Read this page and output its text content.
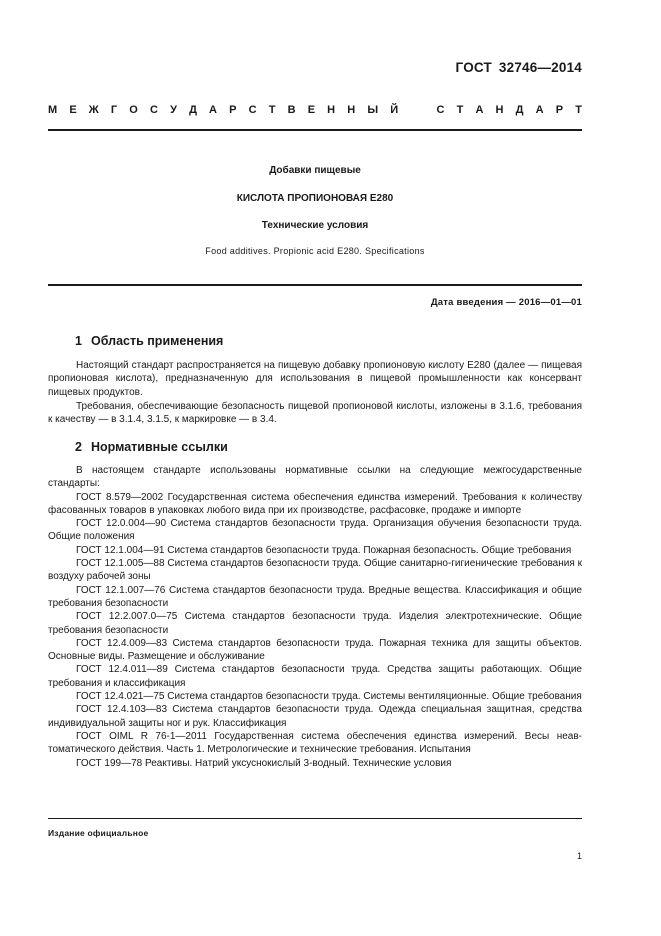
ГОСТ 32746—2014
М Е Ж Г О С У Д А Р С Т В Е Н Н Ы Й	С Т А Н Д А Р Т
Добавки пищевые
КИСЛОТА ПРОПИОНОВАЯ Е280
Технические условия
Food additives. Propionic acid E280. Specifications
Дата введения — 2016—01—01
1 Область применения

Настоящий стандарт распространяется на пищевую добавку пропионовую кислоту Е280 (далее — пищевая пропионовая кислота), предназначенную для использования в пищевой промышленности как консервант пищевых продуктов.

Требования, обеспечивающие безопасность пищевой пропионовой кислоты, изложены в 3.1.6, требования к качеству — в 3.1.4, 3.1.5, к маркировке — в 3.4.

2 Нормативные ссылки

В настоящем стандарте использованы нормативные ссылки на следующие межгосударственные стандарты:

ГОСТ 8.579—2002 Государственная система обеспечения единства измерений. Требования к количеству фасованных товаров в упаковках любого вида при их производстве, расфасовке, продаже и импорте

ГОСТ 12.0.004—90 Система стандартов безопасности труда. Организация обучения безопасности труда. Общие положения

ГОСТ 12.1.004—91 Система стандартов безопасности труда. Пожарная безопасность. Общие требования

ГОСТ 12.1.005—88 Система стандартов безопасности труда. Общие санитарно-гигиенические требования к воздуху рабочей зоны

ГОСТ 12.1.007—76 Система стандартов безопасности труда. Вредные вещества. Классификация и общие требования безопасности

ГОСТ 12.2.007.0—75 Система стандартов безопасности труда. Изделия электротехнические. Общие требования безопасности

ГОСТ 12.4.009—83 Система стандартов безопасности труда. Пожарная техника для защиты объектов. Основные виды. Размещение и обслуживание

ГОСТ 12.4.011—89 Система стандартов безопасности труда. Средства защиты работающих. Общие требования и классификация

ГОСТ 12.4.021—75 Система стандартов безопасности труда. Системы вентиляционные. Общие требования

ГОСТ 12.4.103—83 Система стандартов безопасности труда. Одежда специальная защитная, средства индивидуальной защиты ног и рук. Классификация

ГОСТ OIML R 76-1—2011 Государственная система обеспечения единства измерений. Весы неавтоматического действия. Часть 1. Метрологические и технические требования. Испытания

ГОСТ 199—78 Реактивы. Натрий уксуснокислый 3-водный. Технические условия

Издание официальное
1
